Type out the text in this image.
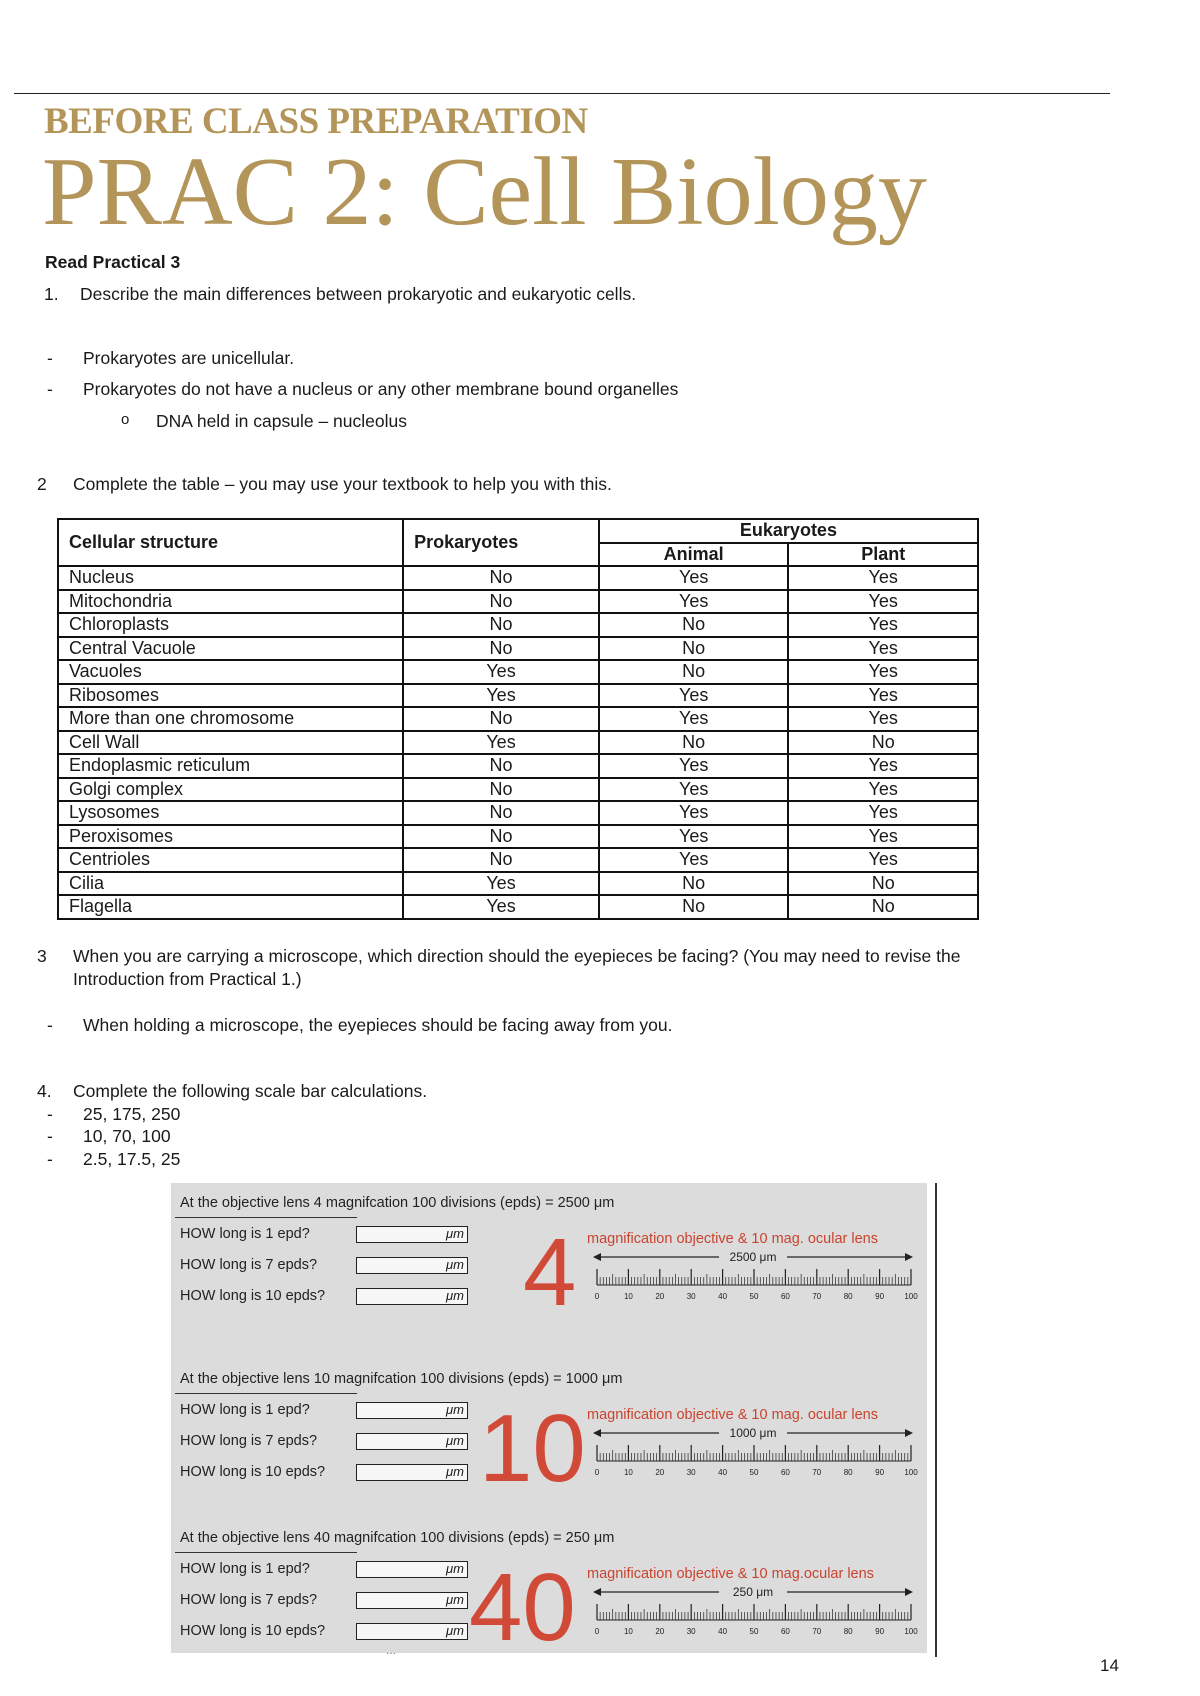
BEFORE CLASS PREPARATION
PRAC 2: Cell Biology
Read Practical 3
1. Describe the main differences between prokaryotic and eukaryotic cells.
- Prokaryotes are unicellular.
- Prokaryotes do not have a nucleus or any other membrane bound organelles
o DNA held in capsule – nucleolus
2 Complete the table – you may use your textbook to help you with this.
Cellular structure	Prokaryotes	Eukaryotes	
		Animal	Plant
Nucleus	No	Yes	Yes
Mitochondria	No	Yes	Yes
Chloroplasts	No	No	Yes
Central Vacuole	No	No	Yes
Vacuoles	Yes	No	Yes
Ribosomes	Yes	Yes	Yes
More than one chromosome	No	Yes	Yes
Cell Wall	Yes	No	No
Endoplasmic reticulum	No	Yes	Yes
Golgi complex	No	Yes	Yes
Lysosomes	No	Yes	Yes
Peroxisomes	No	Yes	Yes
Centrioles	No	Yes	Yes
Cilia	Yes	No	No
Flagella	Yes	No	No
3 When you are carrying a microscope, which direction should the eyepieces be facing? (You may need to revise the
Introduction from Practical 1.)
- When holding a microscope, the eyepieces should be facing away from you.
4. Complete the following scale bar calculations.
- 25, 175, 250
- 10, 70, 100
- 2.5, 17.5, 25
At the objective lens 4 magnifcation 100 divisions (epds) = 2500 μm
HOW long is 1 epd?	μm
HOW long is 7 epds?	μm
HOW long is 10 epds?	μm 4 magnification objective & 10 mag. ocular lens
2500 μm
0	10	20	30	40	50	60	70	80	90	100
At the objective lens 10 magnifcation 100 divisions (epds) = 1000 μm
HOW long is 1 epd?	μm
HOW long is 7 epds?	μm
HOW long is 10 epds?	μm 10 magnification objective & 10 mag. ocular lens
1000 μm
0	10	20	30	40	50	60	70	80	90	100
At the objective lens 40 magnifcation 100 divisions (epds) = 250 μm
HOW long is 1 epd?	μm
HOW long is 7 epds?	μm
HOW long is 10 epds?	μm 40 magnification objective & 10 mag.ocular lens
250 μm
0	10	20	30	40	50	60	70	80	90	100
···
14
